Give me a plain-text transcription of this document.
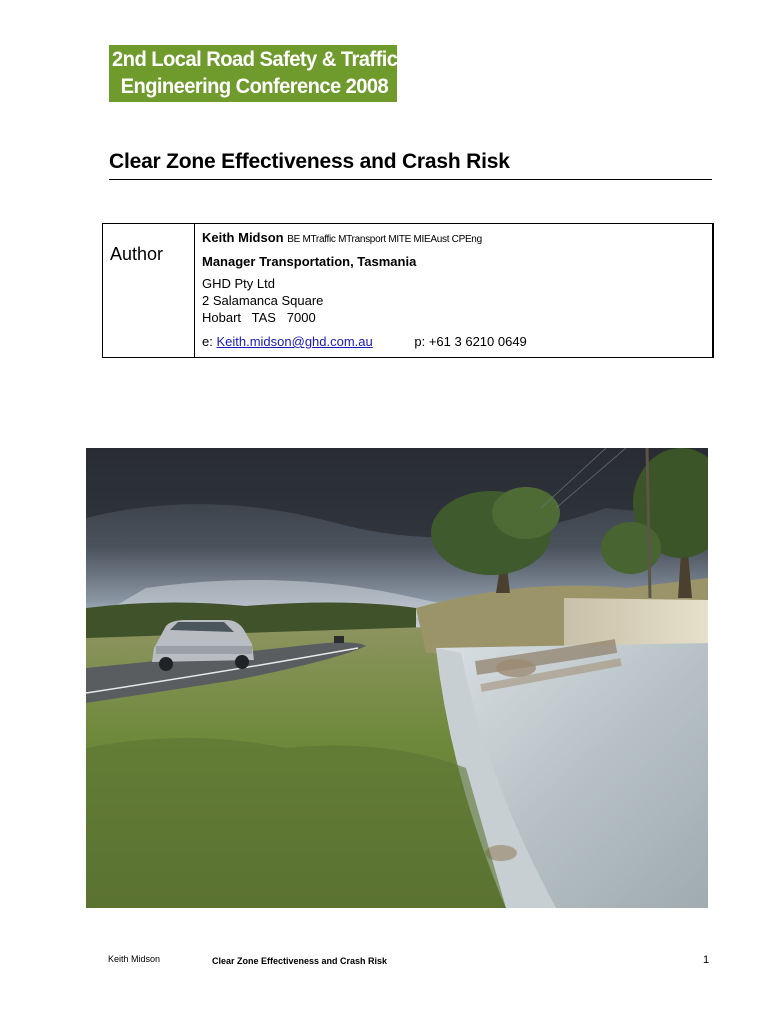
2nd Local Road Safety & Traffic
Engineering Conference 2008
Clear Zone Effectiveness and Crash Risk
Author
Keith Midson BE MTraffic MTransport MITE MIEAust CPEng
Manager Transportation, Tasmania
GHD Pty Ltd
2 Salamanca Square
Hobart   TAS   7000
e: Keith.midson@ghd.com.au	p: +61 3 6210 0649
Keith Midson	Clear Zone Effectiveness and Crash Risk	1
